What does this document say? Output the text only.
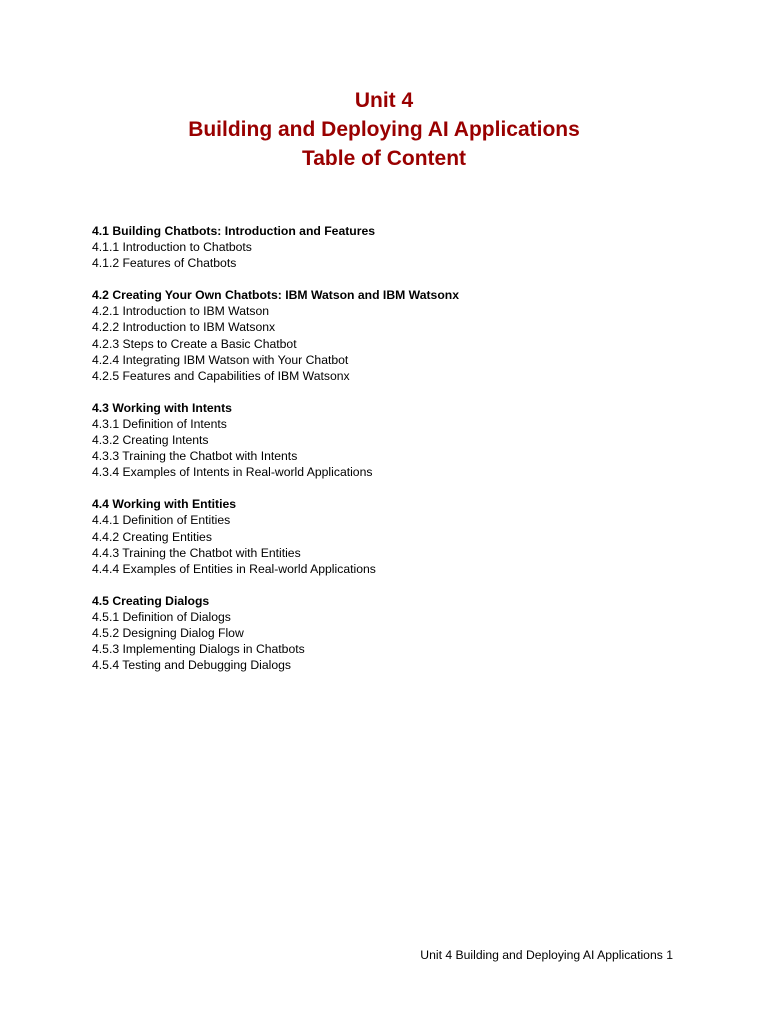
Unit 4
Building and Deploying AI Applications
Table of Content
4.1 Building Chatbots: Introduction and Features
4.1.1 Introduction to Chatbots
4.1.2 Features of Chatbots
4.2 Creating Your Own Chatbots: IBM Watson and IBM Watsonx
4.2.1 Introduction to IBM Watson
4.2.2 Introduction to IBM Watsonx
4.2.3 Steps to Create a Basic Chatbot
4.2.4 Integrating IBM Watson with Your Chatbot
4.2.5 Features and Capabilities of IBM Watsonx
4.3 Working with Intents
4.3.1 Definition of Intents
4.3.2 Creating Intents
4.3.3 Training the Chatbot with Intents
4.3.4 Examples of Intents in Real-world Applications
4.4 Working with Entities
4.4.1 Definition of Entities
4.4.2 Creating Entities
4.4.3 Training the Chatbot with Entities
4.4.4 Examples of Entities in Real-world Applications
4.5 Creating Dialogs
4.5.1 Definition of Dialogs
4.5.2 Designing Dialog Flow
4.5.3 Implementing Dialogs in Chatbots
4.5.4 Testing and Debugging Dialogs
Unit 4 Building and Deploying AI Applications 1
